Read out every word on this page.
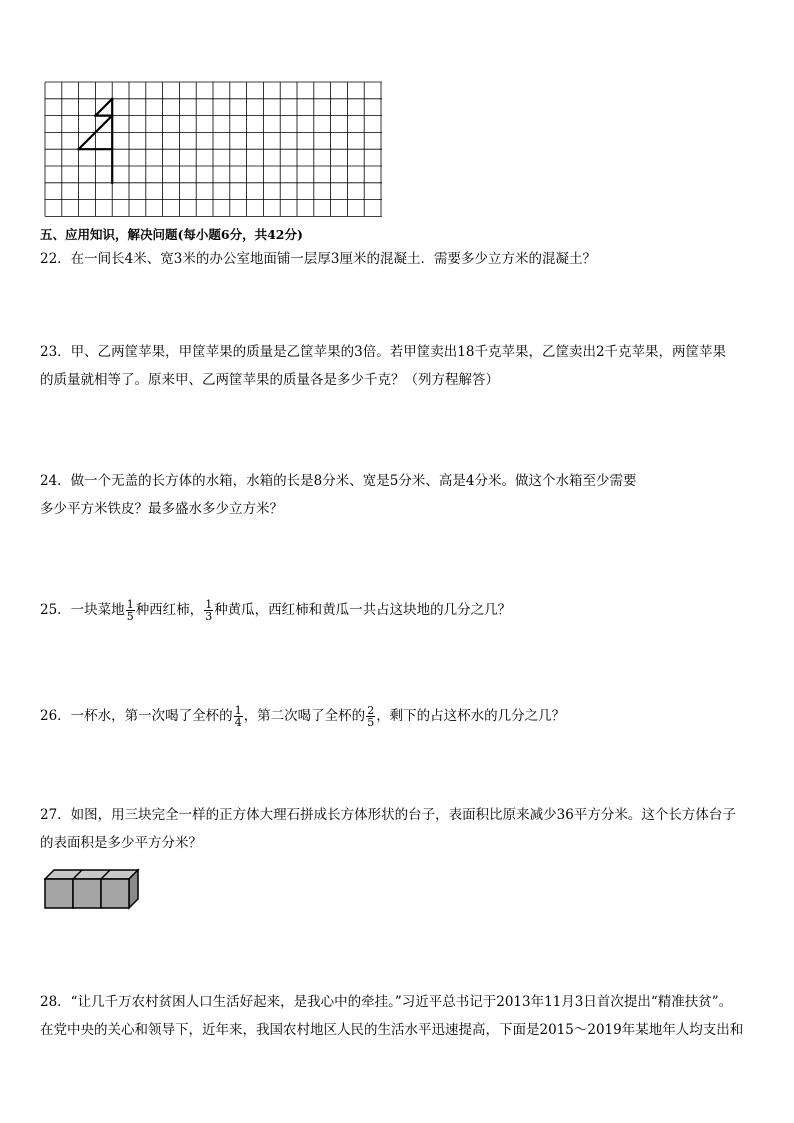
五、应用知识，解决问题(每小题6分，共42分)
22．在一间长4米、宽3米的办公室地面铺一层厚3厘米的混凝土．需要多少立方米的混凝土？
23．甲、乙两筐苹果，甲筐苹果的质量是乙筐苹果的3倍。若甲筐卖出18千克苹果，乙筐卖出2千克苹果，两筐苹果
的质量就相等了。原来甲、乙两筐苹果的质量各是多少千克？（列方程解答）
24．做一个无盖的长方体的水箱，水箱的长是8分米、宽是5分米、高是4分米。做这个水箱至少需要
多少平方米铁皮？最多盛水多少立方米？
25．一块菜地 $\frac{1}{5}$ 种西红柿， $\frac{1}{3}$ 种黄瓜，西红柿和黄瓜一共占这块地的几分之几？
26．一杯水，第一次喝了全杯的 $\frac{1}{4}$ ，第二次喝了全杯的 $\frac{2}{5}$ ，剩下的占这杯水的几分之几？
27．如图，用三块完全一样的正方体大理石拼成长方体形状的台子，表面积比原来减少36平方分米。这个长方体台子
的表面积是多少平方分米？
28．“让几千万农村贫困人口生活好起来，是我心中的牵挂。”习近平总书记于2013年11月3日首次提出“精准扶贫”。
在党中央的关心和领导下，近年来，我国农村地区人民的生活水平迅速提高，下面是2015～2019年某地年人均支出和
